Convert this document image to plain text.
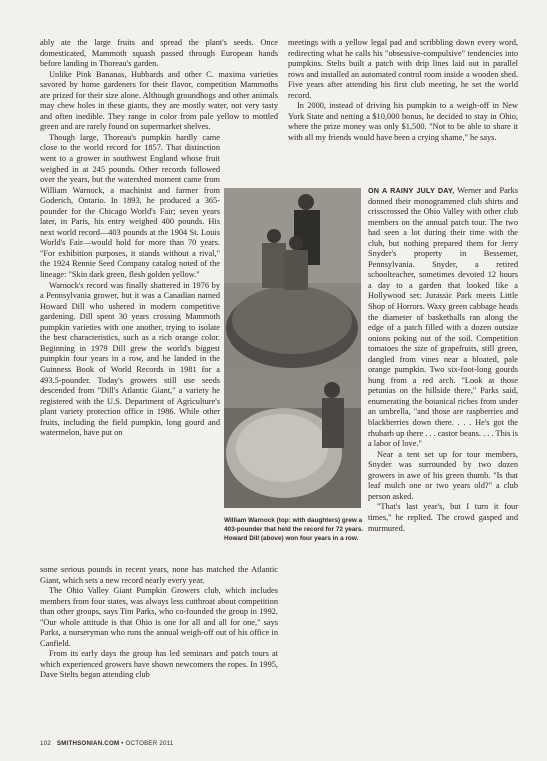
ably ate the large fruits and spread the plant's seeds. Once domesticated, Mammoth squash passed through European hands before landing in Thoreau's garden.

Unlike Pink Bananas, Hubbards and other C. maxima varieties savored by home gardeners for their flavor, competition Mammoths are prized for their size alone. Although groundhogs and other animals may chew holes in these giants, they are mostly water, not very tasty and often inedible. They range in color from pale yellow to mottled green and are rarely found on supermarket shelves.

Though large, Thoreau's pumpkin hardly came close to the world record for 1857. That distinction went to a grower in southwest England whose fruit weighed in at 245 pounds. Other records followed over the years, but the watershed moment came from William Warnock, a machinist and farmer from Goderich, Ontario. In 1893, he produced a 365-pounder for the Chicago World's Fair; seven years later, in Paris, his entry weighed 400 pounds. His next world record—403 pounds at the 1904 St. Louis World's Fair—would hold for more than 70 years. "For exhibition purposes, it stands without a rival," the 1924 Rennie Seed Company catalog noted of the lineage: "Skin dark green, flesh golden yellow."

Warnock's record was finally shattered in 1976 by a Pennsylvania grower, but it was a Canadian named Howard Dill who ushered in modern competitive gardening. Dill spent 30 years crossing Mammoth pumpkin varieties with one another, trying to isolate the best characteristics, such as a rich orange color. Beginning in 1979 Dill grew the world's biggest pumpkin four years in a row, and he landed in the Guinness Book of World Records in 1981 for a 493.5-pounder. Today's growers still use seeds descended from "Dill's Atlantic Giant," a variety he registered with the U.S. Department of Agriculture's plant variety protection office in 1986. While other fruits, including the field pumpkin, long gourd and watermelon, have put on

William Warnock (top: with daughters) grew a 403-pounder that held the record for 72 years. Howard Dill (above) won four years in a row.

some serious pounds in recent years, none has matched the Atlantic Giant, which sets a new record nearly every year.

The Ohio Valley Giant Pumpkin Growers club, which includes members from four states, was always less cutthroat about competition than other groups, says Tim Parks, who co-founded the group in 1992. "Our whole attitude is that Ohio is one for all and all for one," says Parks, a nurseryman who runs the annual weigh-off out of his office in Canfield.

From its early days the group has led seminars and patch tours at which experienced growers have shown newcomers the ropes. In 1995, Dave Stelts began attending club

meetings with a yellow legal pad and scribbling down every word, redirecting what he calls his "obsessive-compulsive" tendencies into pumpkins. Stelts built a patch with drip lines laid out in parallel rows and installed an automated control room inside a wooden shed. Five years after attending his first club meeting, he set the world record.

In 2000, instead of driving his pumpkin to a weigh-off in New York State and netting a $10,000 bonus, he decided to stay in Ohio, where the prize money was only $1,500. "Not to be able to share it with all my friends would have been a crying shame," he says.

ON A RAINY JULY DAY, Werner and Parks donned their monogrammed club shirts and crisscrossed the Ohio Valley with other club members on the annual patch tour. The two had seen a lot during their time with the club, but nothing prepared them for Jerry Snyder's property in Bessemer, Pennsylvania. Snyder, a retired schoolteacher, sometimes devoted 12 hours a day to a garden that looked like a Hollywood set: Jurassic Park meets Little Shop of Horrors. Waxy green cabbage heads the diameter of basketballs ran along the edge of a patch filled with a dozen outsize onions poking out of the soil. Competition tomatoes the size of grapefruits, still green, dangled from vines near a bloated, pale orange pumpkin. Two six-foot-long gourds hung from a red arch. "Look at those petunias on the hillside there," Parks said, enumerating the botanical riches from under an umbrella, "and those are raspberries and blackberries down there. . . . He's got the rhubarb up there . . . castor beans. . . . This is a labor of love."

Near a tent set up for tour members, Snyder was surrounded by two dozen growers in awe of his green thumb. "Is that leaf mulch one or two years old?" a club person asked.

"That's last year's, but I turn it four times," he replied. The crowd gasped and murmured.

102 SMITHSONIAN.COM • OCTOBER 2011
